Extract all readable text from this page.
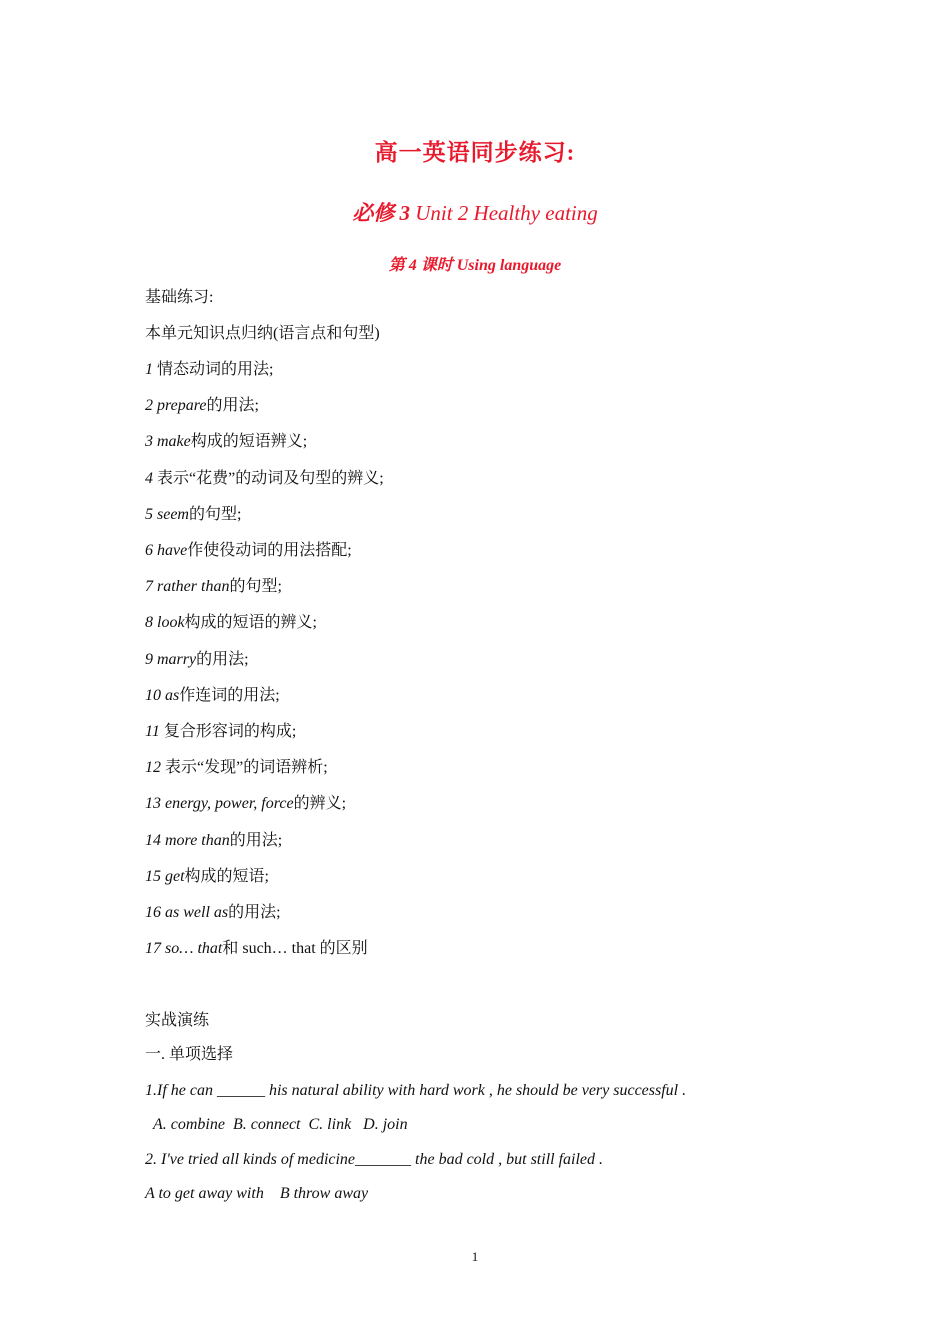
高一英语同步练习:
必修 3 Unit 2 Healthy eating
第 4 课时 Using language
基础练习:
本单元知识点归纳(语言点和句型)
1 情态动词的用法;
2 prepare的用法;
3 make构成的短语辨义;
4 表示“花费”的动词及句型的辨义;
5 seem的句型;
6 have作使役动词的用法搭配;
7 rather than的句型;
8 look构成的短语的辨义;
9 marry的用法;
10 as作连词的用法;
11 复合形容词的构成;
12 表示“发现”的词语辨析;
13 energy, power, force的辨义;
14 more than的用法;
15 get构成的短语;
16 as well as的用法;
17 so… that和 such… that 的区别
实战演练
一. 单项选择
1.If he can ______ his natural ability with hard work , he should be very successful .
A. combine  B. connect  C. link   D. join
2. I've tried all kinds of medicine_______ the bad cold , but still failed .
A to get away with    B throw away
1
